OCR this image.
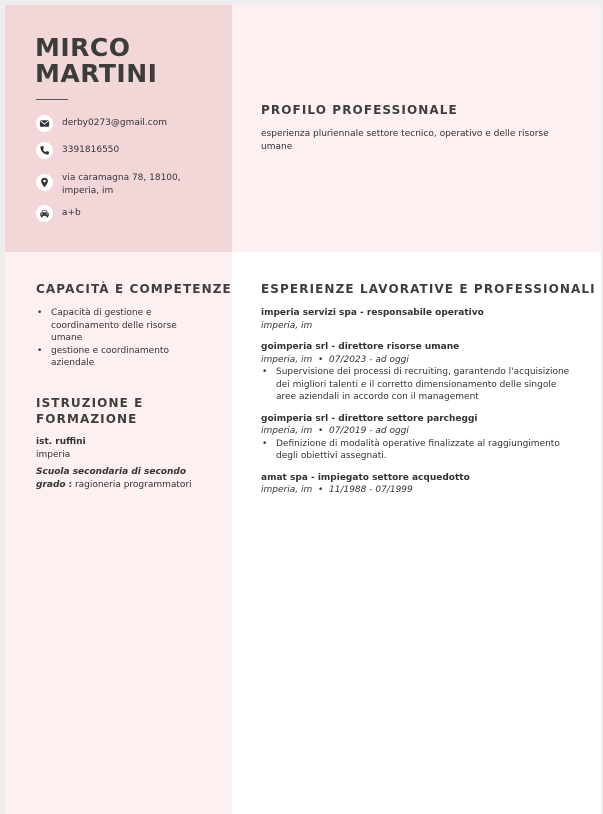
MIRCO
MARTINI
derby0273@gmail.com
3391816550
via caramagna 78, 18100, imperia, im
a+b
PROFILO PROFESSIONALE
esperienza pluriennale settore tecnico, operativo e delle risorse umane
CAPACITÀ E COMPETENZE
• Capacità di gestione e coordinamento delle risorse umane
• gestione e coordinamento aziendale
ISTRUZIONE E FORMAZIONE
ist. ruffini
imperia
Scuola secondaria di secondo grado : ragioneria programmatori
ESPERIENZE LAVORATIVE E PROFESSIONALI
imperia servizi spa - responsabile operativo
imperia, im
goimperia srl - direttore risorse umane
imperia, im  •  07/2023 - ad oggi
• Supervisione dei processi di recruiting, garantendo l'acquisizione dei migliori talenti e il corretto dimensionamento delle singole aree aziendali in accordo con il management
goimperia srl - direttore settore parcheggi
imperia, im  •  07/2019 - ad oggi
• Definizione di modalità operative finalizzate al raggiungimento degli obiettivi assegnati.
amat spa - impiegato settore acquedotto
imperia, im  •  11/1988 - 07/1999
